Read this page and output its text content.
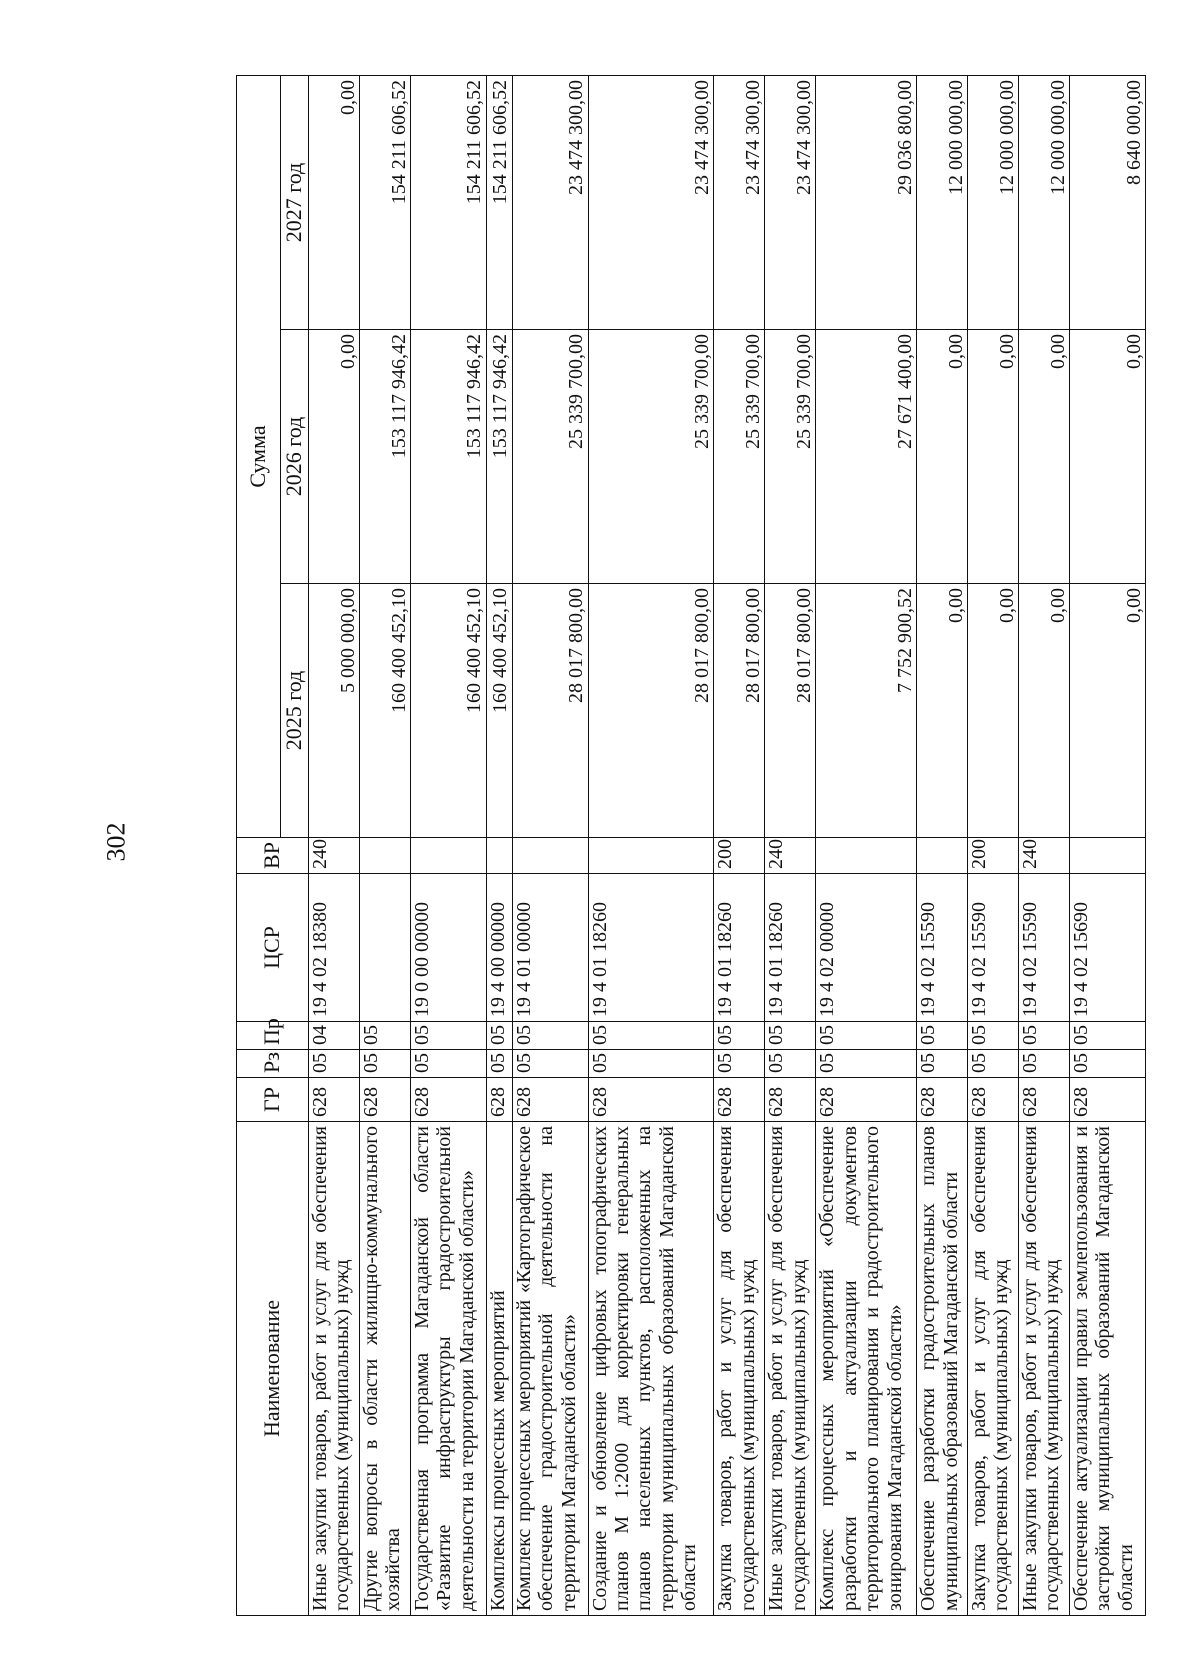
302
Наименование	ГР	Рз	Пр	ЦСР	ВР	Сумма		
						2025 год	2026 год	2027 год
Иные закупки товаров, работ и услуг для обеспечения государственных (муниципальных) нужд	628	05	04	19 4 02 18380	240	5 000 000,00	0,00	0,00
Другие вопросы в области жилищно-коммунального хозяйства	628	05	05			160 400 452,10	153 117 946,42	154 211 606,52
Государственная программа Магаданской области «Развитие инфраструктуры градостроительной деятельности на территории Магаданской области»	628	05	05	19 0 00 00000		160 400 452,10	153 117 946,42	154 211 606,52
Комплексы процессных мероприятий	628	05	05	19 4 00 00000		160 400 452,10	153 117 946,42	154 211 606,52
Комплекс процессных мероприятий «Картографическое обеспечение градостроительной деятельности на территории Магаданской области»	628	05	05	19 4 01 00000		28 017 800,00	25 339 700,00	23 474 300,00
Создание и обновление цифровых топографических планов М 1:2000 для корректировки генеральных планов населенных пунктов, расположенных на территории муниципальных образований Магаданской области	628	05	05	19 4 01 18260		28 017 800,00	25 339 700,00	23 474 300,00
Закупка товаров, работ и услуг для обеспечения государственных (муниципальных) нужд	628	05	05	19 4 01 18260	200	28 017 800,00	25 339 700,00	23 474 300,00
Иные закупки товаров, работ и услуг для обеспечения государственных (муниципальных) нужд	628	05	05	19 4 01 18260	240	28 017 800,00	25 339 700,00	23 474 300,00
Комплекс процессных мероприятий «Обеспечение разработки и актуализации документов территориального планирования и градостроительного зонирования Магаданской области»	628	05	05	19 4 02 00000		7 752 900,52	27 671 400,00	29 036 800,00
Обеспечение разработки градостроительных планов муниципальных образований Магаданской области	628	05	05	19 4 02 15590		0,00	0,00	12 000 000,00
Закупка товаров, работ и услуг для обеспечения государственных (муниципальных) нужд	628	05	05	19 4 02 15590	200	0,00	0,00	12 000 000,00
Иные закупки товаров, работ и услуг для обеспечения государственных (муниципальных) нужд	628	05	05	19 4 02 15590	240	0,00	0,00	12 000 000,00
Обеспечение актуализации правил землепользования и застройки муниципальных образований Магаданской области	628	05	05	19 4 02 15690		0,00	0,00	8 640 000,00
